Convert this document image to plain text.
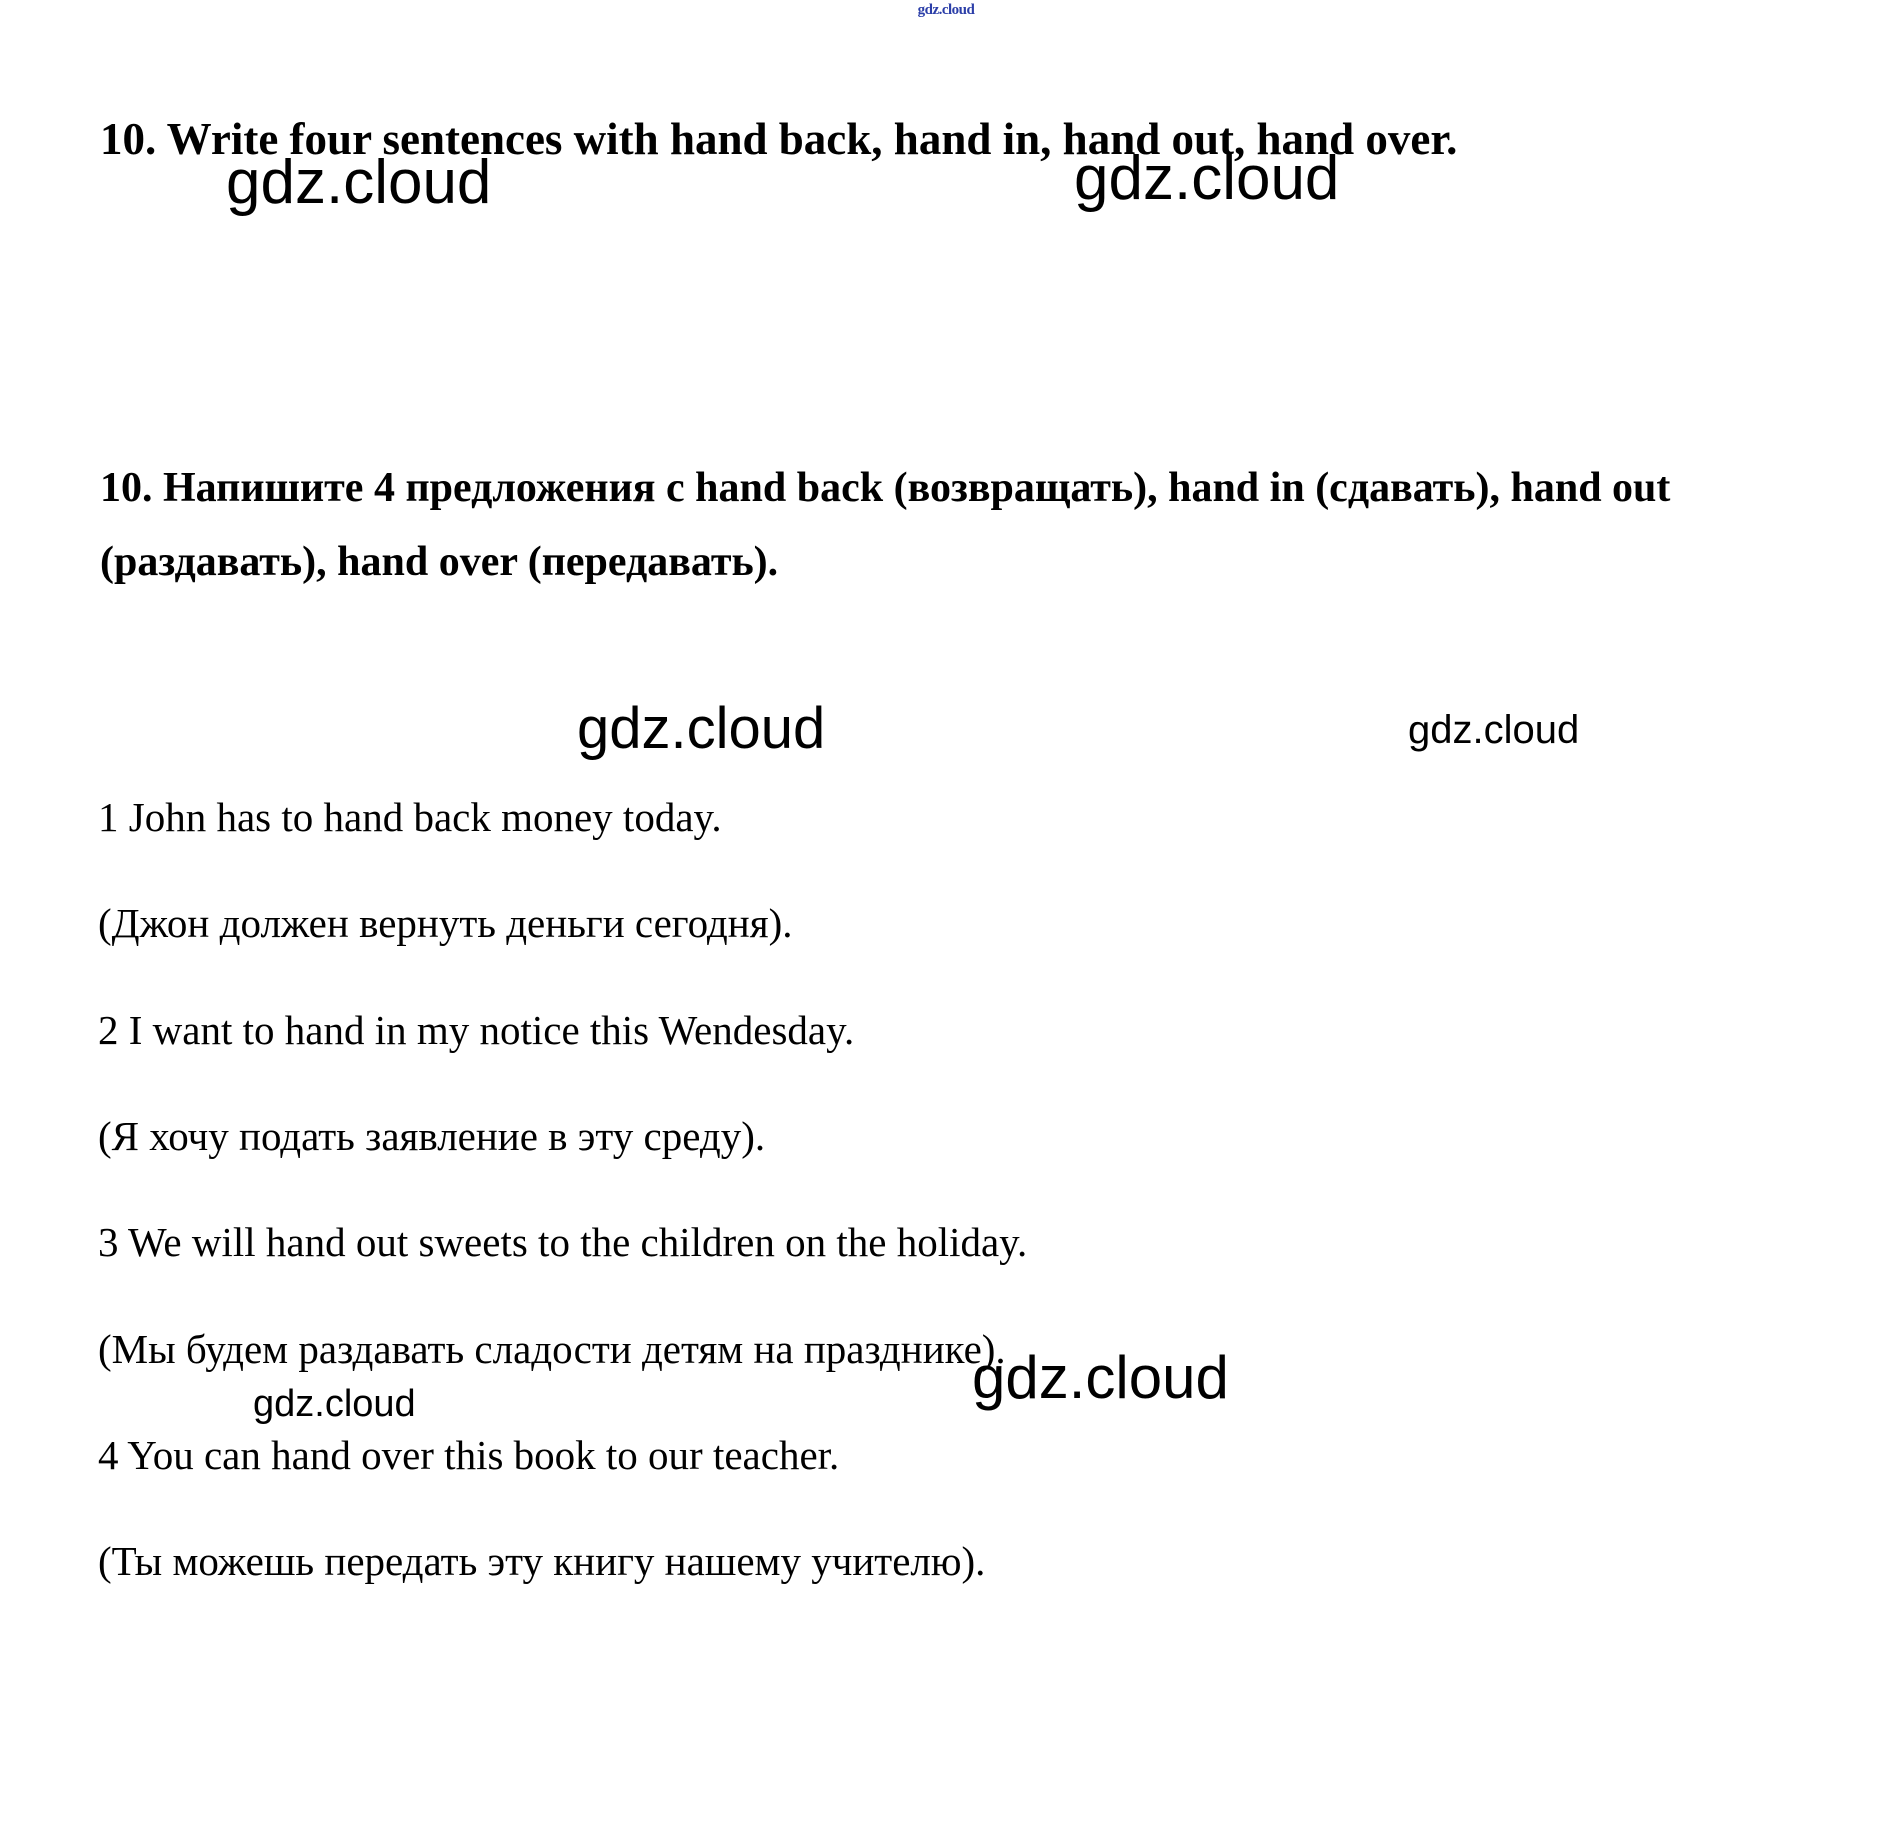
gdz.cloud
10. Write four sentences with hand back, hand in, hand out, hand over.
gdz.cloud	gdz.cloud
10. Напишите 4 предложения с hand back (возвращать), hand in (сдавать), hand out (раздавать), hand over (передавать).
gdz.cloud	gdz.cloud
1 John has to hand back money today.
(Джон должен вернуть деньги сегодня).
2 I want to hand in my notice this Wendesday.
(Я хочу подать заявление в эту среду).
3 We will hand out sweets to the children on the holiday.
(Мы будем раздавать сладости детям на празднике).
4 You can hand over this book to our teacher.
(Ты можешь передать эту книгу нашему учителю).
gdz.cloud	gdz.cloud
